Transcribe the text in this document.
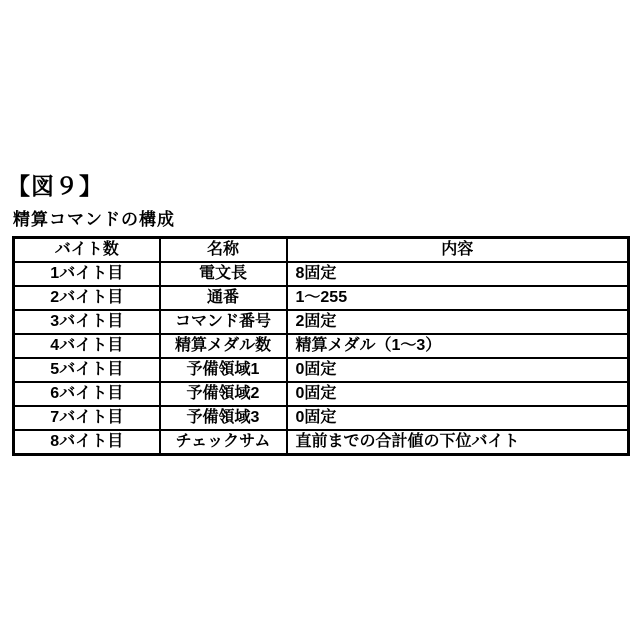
【図９】
精算コマンドの構成
バイト数	名称	内容
1バイト目	電文長	8固定
2バイト目	通番	1～255
3バイト目	コマンド番号	2固定
4バイト目	精算メダル数	精算メダル（1～3）
5バイト目	予備領域1	0固定
6バイト目	予備領域2	0固定
7バイト目	予備領域3	0固定
8バイト目	チェックサム	直前までの合計値の下位バイト
